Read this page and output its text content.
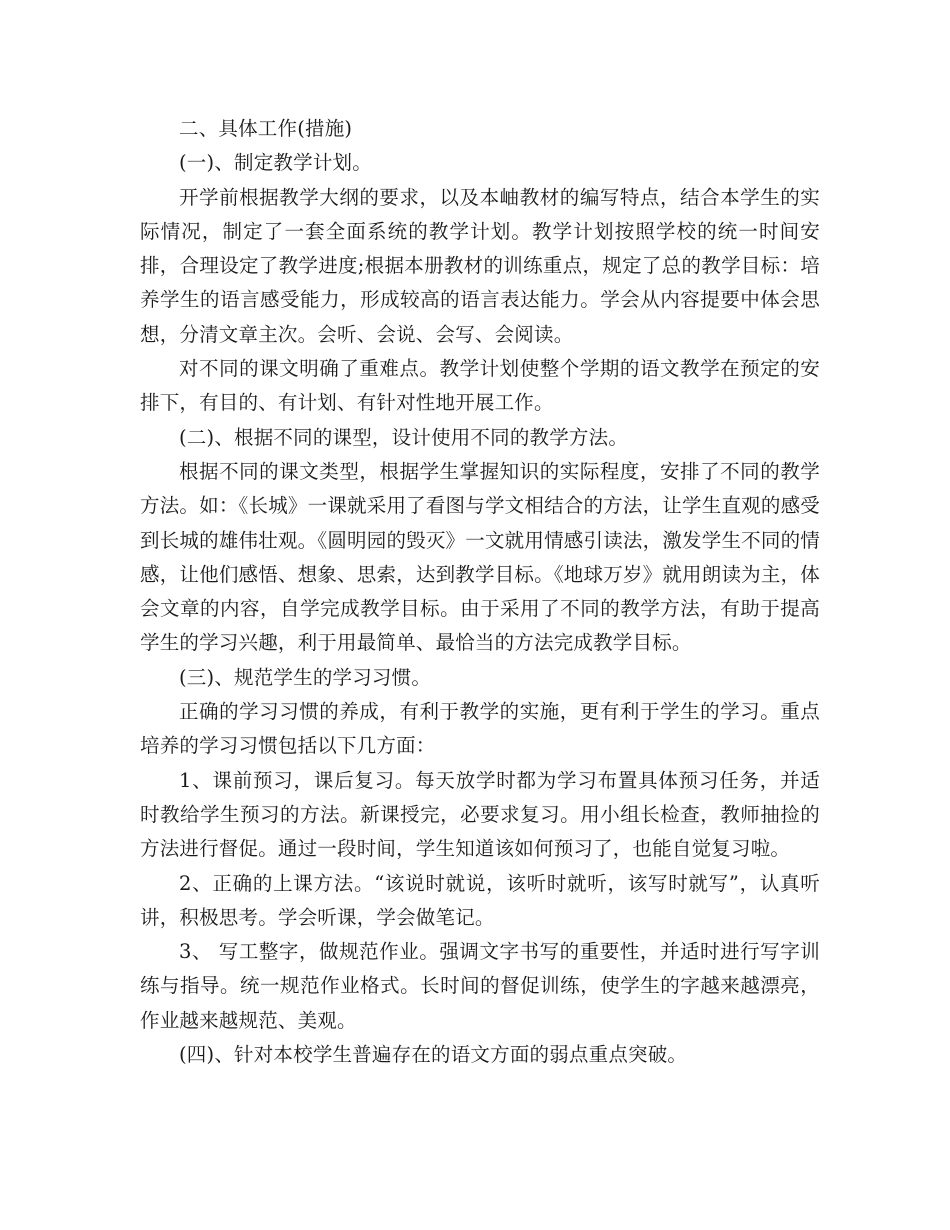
二、具体工作(措施)

(一)、制定教学计划。

开学前根据教学大纲的要求，以及本岫教材的编写特点，结合本学生的实际情况，制定了一套全面系统的教学计划。教学计划按照学校的统一时间安排，合理设定了教学进度;根据本册教材的训练重点，规定了总的教学目标：培养学生的语言感受能力，形成较高的语言表达能力。学会从内容提要中体会思想，分清文章主次。会听、会说、会写、会阅读。

对不同的课文明确了重难点。教学计划使整个学期的语文教学在预定的安排下，有目的、有计划、有针对性地开展工作。

(二)、根据不同的课型，设计使用不同的教学方法。

根据不同的课文类型，根据学生掌握知识的实际程度，安排了不同的教学方法。如：《长城》一课就采用了看图与学文相结合的方法，让学生直观的感受到长城的雄伟壮观。《圆明园的毁灭》一文就用情感引读法，激发学生不同的情感，让他们感悟、想象、思索，达到教学目标。《地球万岁》就用朗读为主，体会文章的内容，自学完成教学目标。由于采用了不同的教学方法，有助于提高学生的学习兴趣，利于用最简单、最恰当的方法完成教学目标。

(三)、规范学生的学习习惯。

正确的学习习惯的养成，有利于教学的实施，更有利于学生的学习。重点培养的学习习惯包括以下几方面：

1、课前预习，课后复习。每天放学时都为学习布置具体预习任务，并适时教给学生预习的方法。新课授完，必要求复习。用小组长检查，教师抽捡的方法进行督促。通过一段时间，学生知道该如何预习了，也能自觉复习啦。

2、正确的上课方法。“该说时就说，该听时就听，该写时就写”，认真听讲，积极思考。学会听课，学会做笔记。

3、 写工整字，做规范作业。强调文字书写的重要性，并适时进行写字训练与指导。统一规范作业格式。长时间的督促训练，使学生的字越来越漂亮，作业越来越规范、美观。

(四)、针对本校学生普遍存在的语文方面的弱点重点突破。
